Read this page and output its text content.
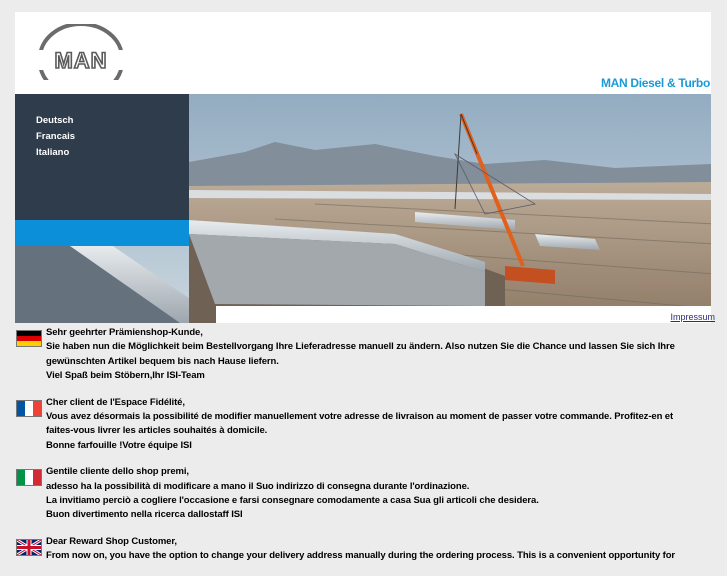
MAN
MAN Diesel & Turbo
Deutsch
Francais
Italiano
Impressum

Sehr geehrter Prämienshop-Kunde,

Sie haben nun die Möglichkeit beim Bestellvorgang Ihre Lieferadresse manuell zu ändern. Also nutzen Sie die Chance und lassen Sie sich Ihre

gewünschten Artikel bequem bis nach Hause liefern.

Viel Spaß beim Stöbern,Ihr ISI-Team

Cher client de l'Espace Fidélité,

Vous avez désormais la possibilité de modifier manuellement votre adresse de livraison au moment de passer votre commande. Profitez-en et

faites-vous livrer les articles souhaités à domicile.

Bonne farfouille !Votre équipe ISI

Gentile cliente dello shop premi,

adesso ha la possibilità di modificare a mano il Suo indirizzo di consegna durante l'ordinazione.

La invitiamo perciò a cogliere l'occasione e farsi consegnare comodamente a casa Sua gli articoli che desidera.

Buon divertimento nella ricerca dallostaff ISI

Dear Reward Shop Customer,

From now on, you have the option to change your delivery address manually during the ordering process. This is a convenient opportunity for
